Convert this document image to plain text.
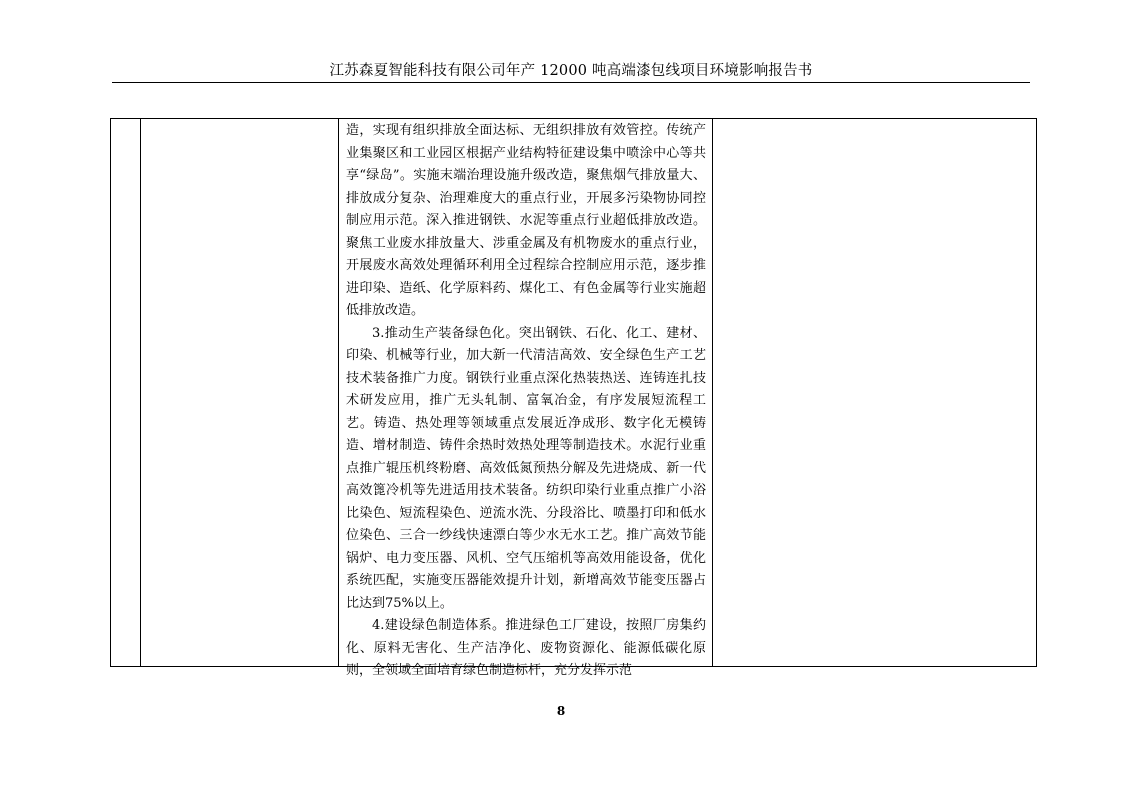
江苏森夏智能科技有限公司年产 12000 吨高端漆包线项目环境影响报告书

造，实现有组织排放全面达标、无组织排放有效管控。传统产业集聚区和工业园区根据产业结构特征建设集中喷涂中心等共享“绿岛”。实施末端治理设施升级改造，聚焦烟气排放量大、排放成分复杂、治理难度大的重点行业，开展多污染物协同控制应用示范。深入推进钢铁、水泥等重点行业超低排放改造。聚焦工业废水排放量大、涉重金属及有机物废水的重点行业，开展废水高效处理循环利用全过程综合控制应用示范，逐步推进印染、造纸、化学原料药、煤化工、有色金属等行业实施超低排放改造。

3.推动生产装备绿色化。突出钢铁、石化、化工、建材、印染、机械等行业，加大新一代清洁高效、安全绿色生产工艺技术装备推广力度。钢铁行业重点深化热装热送、连铸连扎技术研发应用，推广无头轧制、富氧冶金，有序发展短流程工艺。铸造、热处理等领域重点发展近净成形、数字化无模铸造、增材制造、铸件余热时效热处理等制造技术。水泥行业重点推广辊压机终粉磨、高效低氮预热分解及先进烧成、新一代高效篦冷机等先进适用技术装备。纺织印染行业重点推广小浴比染色、短流程染色、逆流水洗、分段浴比、喷墨打印和低水位染色、三合一纱线快速漂白等少水无水工艺。推广高效节能锅炉、电力变压器、风机、空气压缩机等高效用能设备，优化系统匹配，实施变压器能效提升计划，新增高效节能变压器占比达到75%以上。

4.建设绿色制造体系。推进绿色工厂建设，按照厂房集约化、原料无害化、生产洁净化、废物资源化、能源低碳化原则，全领域全面培育绿色制造标杆，充分发挥示范

8
